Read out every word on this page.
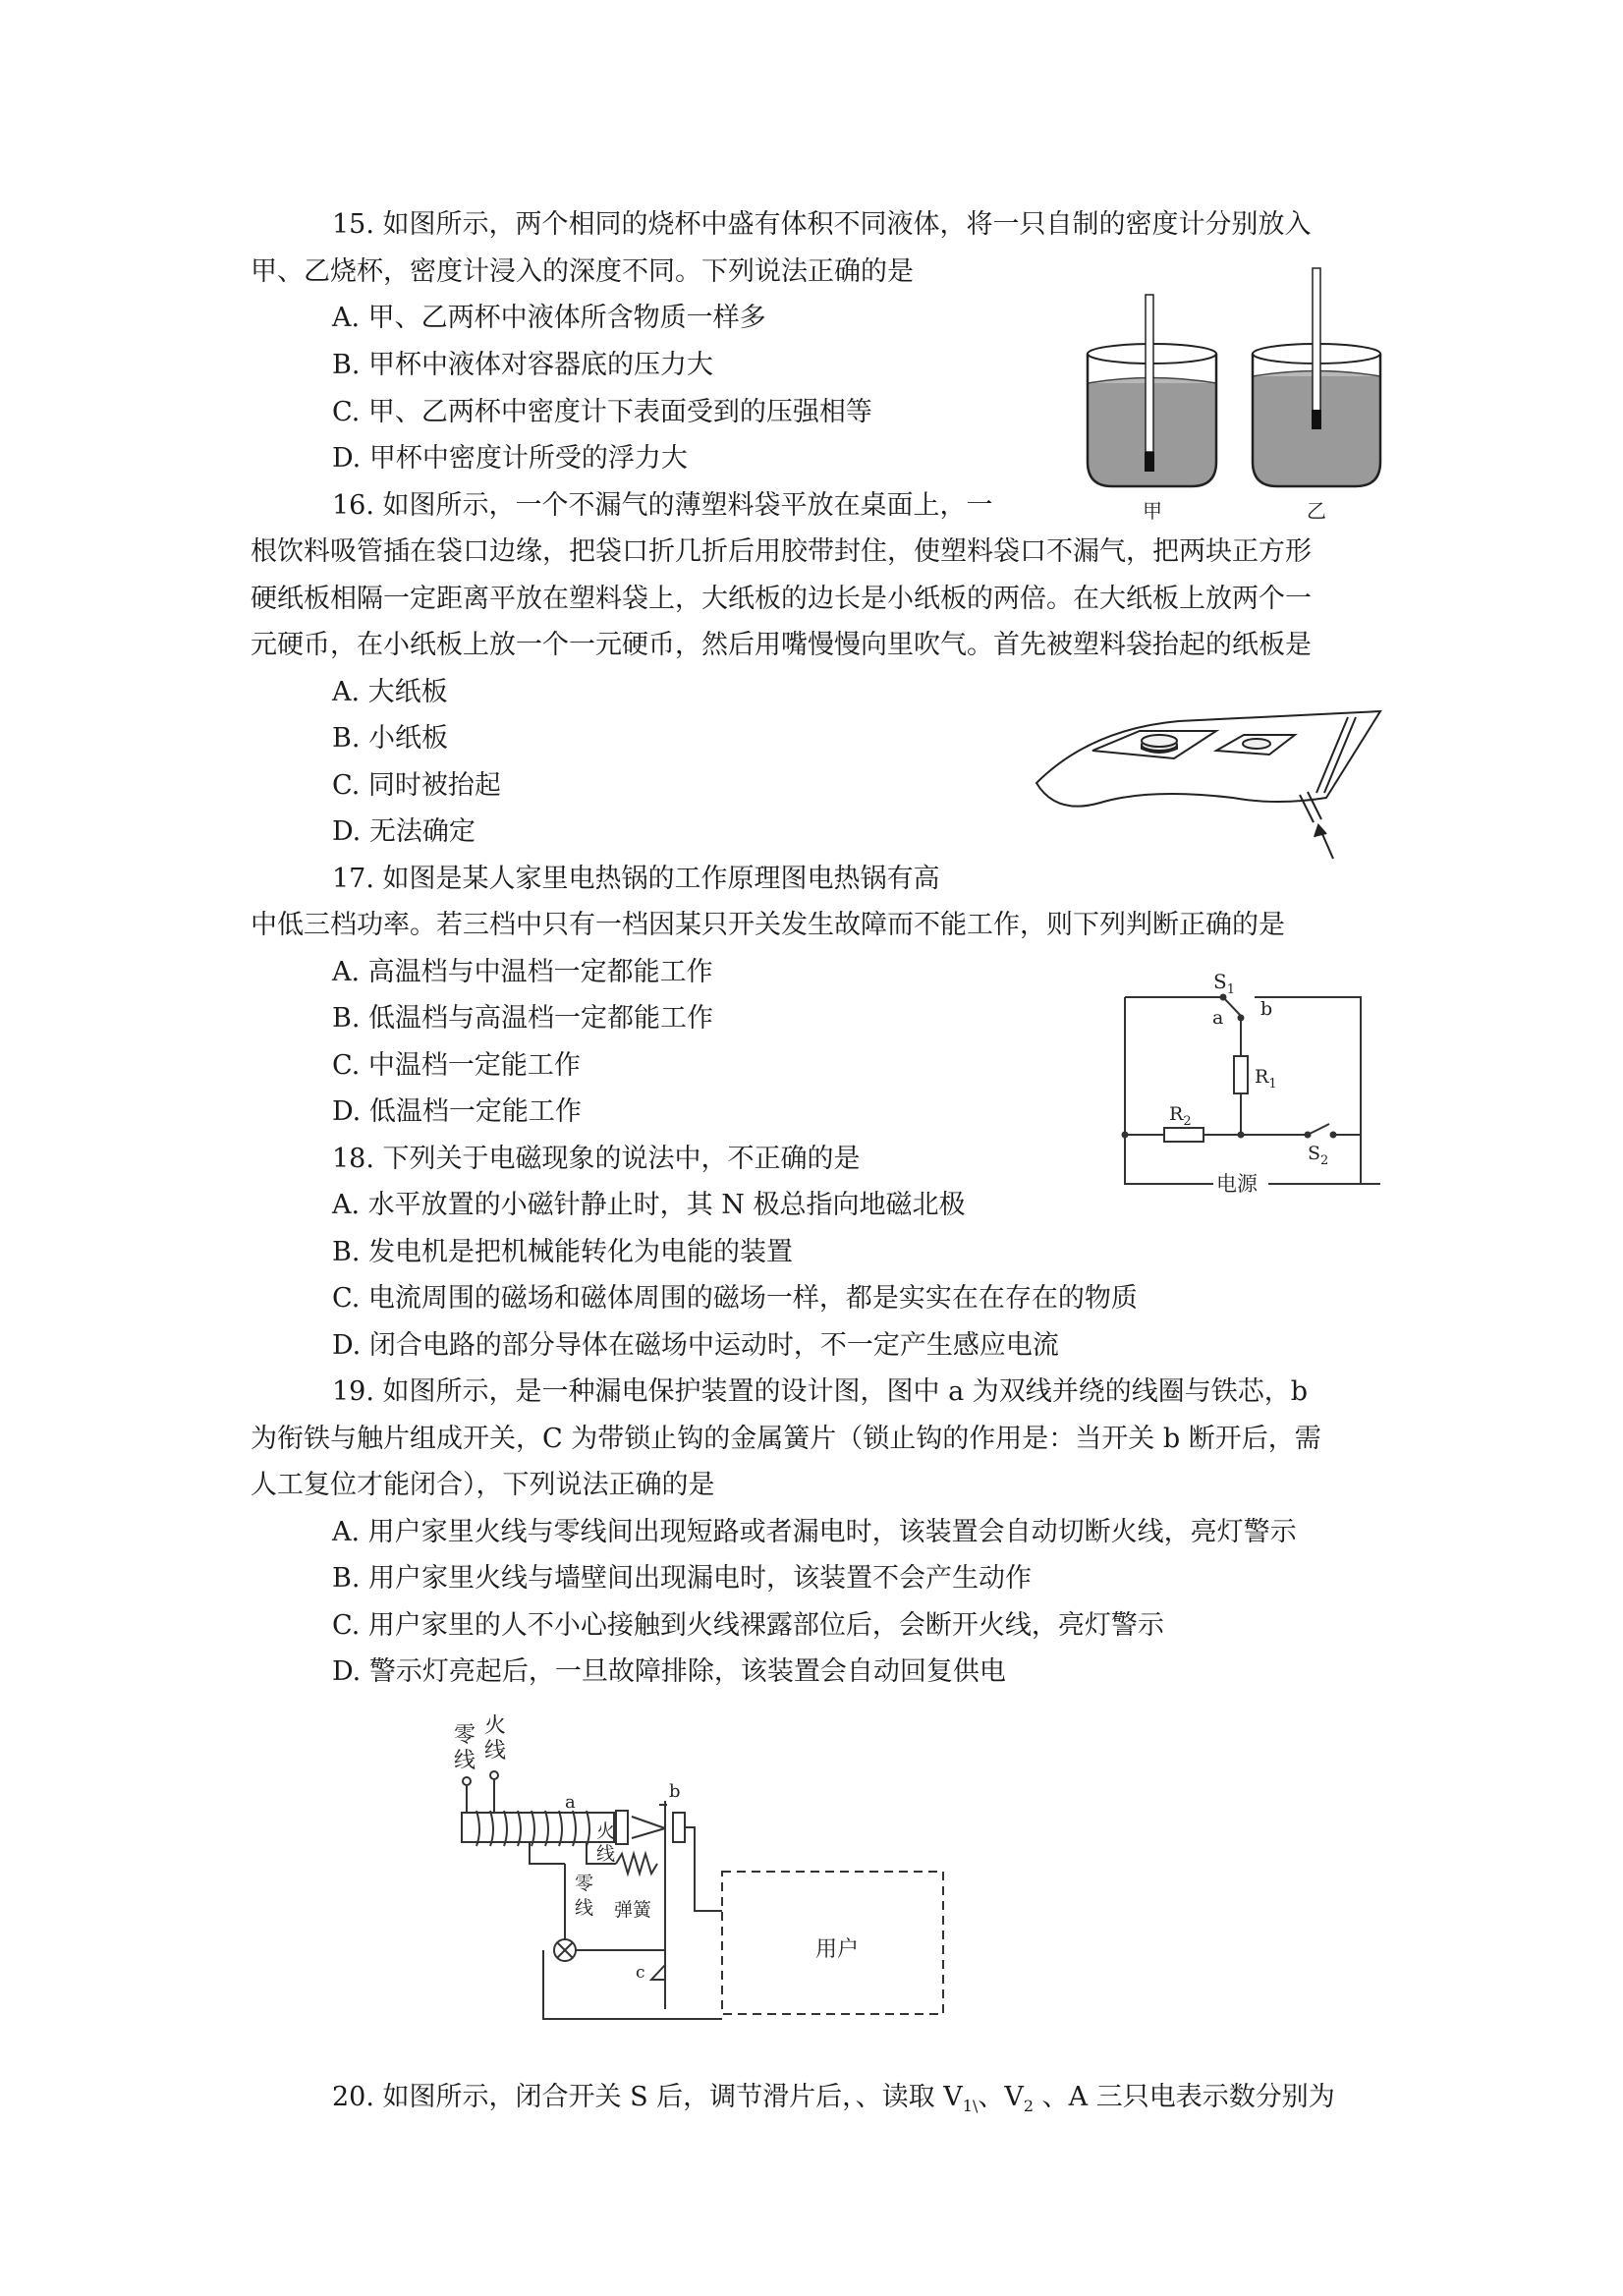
15. 如图所示，两个相同的烧杯中盛有体积不同液体，将一只自制的密度计分别放入
甲、乙烧杯，密度计浸入的深度不同。下列说法正确的是
A. 甲、乙两杯中液体所含物质一样多
B. 甲杯中液体对容器底的压力大
C. 甲、乙两杯中密度计下表面受到的压强相等
D. 甲杯中密度计所受的浮力大
甲	乙
16. 如图所示，一个不漏气的薄塑料袋平放在桌面上，一
根饮料吸管插在袋口边缘，把袋口折几折后用胶带封住，使塑料袋口不漏气，把两块正方形
硬纸板相隔一定距离平放在塑料袋上，大纸板的边长是小纸板的两倍。在大纸板上放两个一
元硬币，在小纸板上放一个一元硬币，然后用嘴慢慢向里吹气。首先被塑料袋抬起的纸板是
A. 大纸板
B. 小纸板
C. 同时被抬起
D. 无法确定
17. 如图是某人家里电热锅的工作原理图电热锅有高
中低三档功率。若三档中只有一档因某只开关发生故障而不能工作，则下列判断正确的是
A. 高温档与中温档一定都能工作
B. 低温档与高温档一定都能工作
C. 中温档一定能工作
D. 低温档一定能工作
$S_1$
a b
$R_1$
$R_2$
$S_2$
电源
18. 下列关于电磁现象的说法中，不正确的是
A. 水平放置的小磁针静止时，其 N 极总指向地磁北极
B. 发电机是把机械能转化为电能的装置
C. 电流周围的磁场和磁体周围的磁场一样，都是实实在在存在的物质
D. 闭合电路的部分导体在磁场中运动时，不一定产生感应电流
19. 如图所示，是一种漏电保护装置的设计图，图中 a 为双线并绕的线圈与铁芯，b
为衔铁与触片组成开关，C 为带锁止钩的金属簧片（锁止钩的作用是：当开关 b 断开后，需
人工复位才能闭合），下列说法正确的是
A. 用户家里火线与零线间出现短路或者漏电时，该装置会自动切断火线，亮灯警示
B. 用户家里火线与墙壁间出现漏电时，该装置不会产生动作
C. 用户家里的人不小心接触到火线裸露部位后，会断开火线，亮灯警示
D. 警示灯亮起后，一旦故障排除，该装置会自动回复供电
零
线
火
线
a
b
火
线
弹簧
零
线
c
用户
20. 如图所示，闭合开关 S 后，调节滑片后，、读取 $V_{1\backslash}$、$V_2$ 、A 三只电表示数分别为
